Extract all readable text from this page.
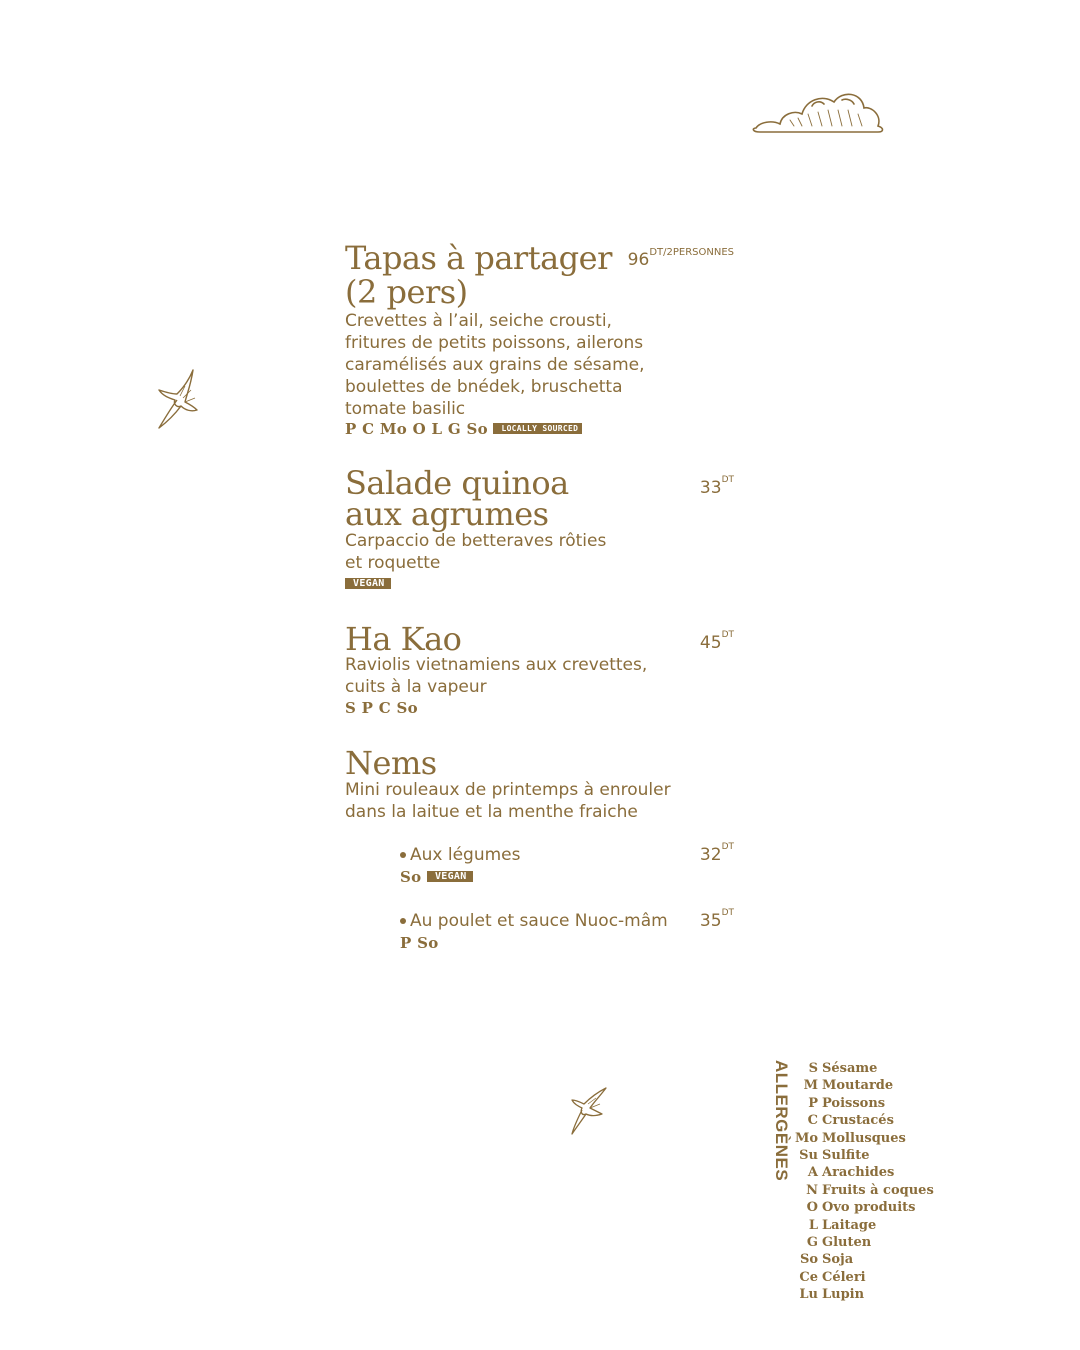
Tapas à partager
(2 pers)
$96^{DT/2PERSONNES}$
Crevettes à l’ail, seiche crousti,
fritures de petits poissons, ailerons
caramélisés aux grains de sésame,
boulettes de bnédek, bruschetta
tomate basilic
P C Mo O L G So LOCALLY SOURCED
Salade quinoa
aux agrumes
$33^{DT}$
Carpaccio de betteraves rôties
et roquette
VEGAN
Ha Kao	$45^{DT}$
Raviolis vietnamiens aux crevettes,
cuits à la vapeur
S P C So
Nems
Mini rouleaux de printemps à enrouler
dans la laitue et la menthe fraiche
Aux légumes	$32^{DT}$
So VEGAN
Au poulet et sauce Nuoc-mâm $35^{DT}$
P So
ALLERGÈNES	S Sésame
M Moutarde
P Poissons
C Crustacés
Mo Mollusques
Su Sulfite
A Arachides
N Fruits à coques
O Ovo produits
L Laitage
G Gluten
So Soja
Ce Céleri
Lu Lupin
